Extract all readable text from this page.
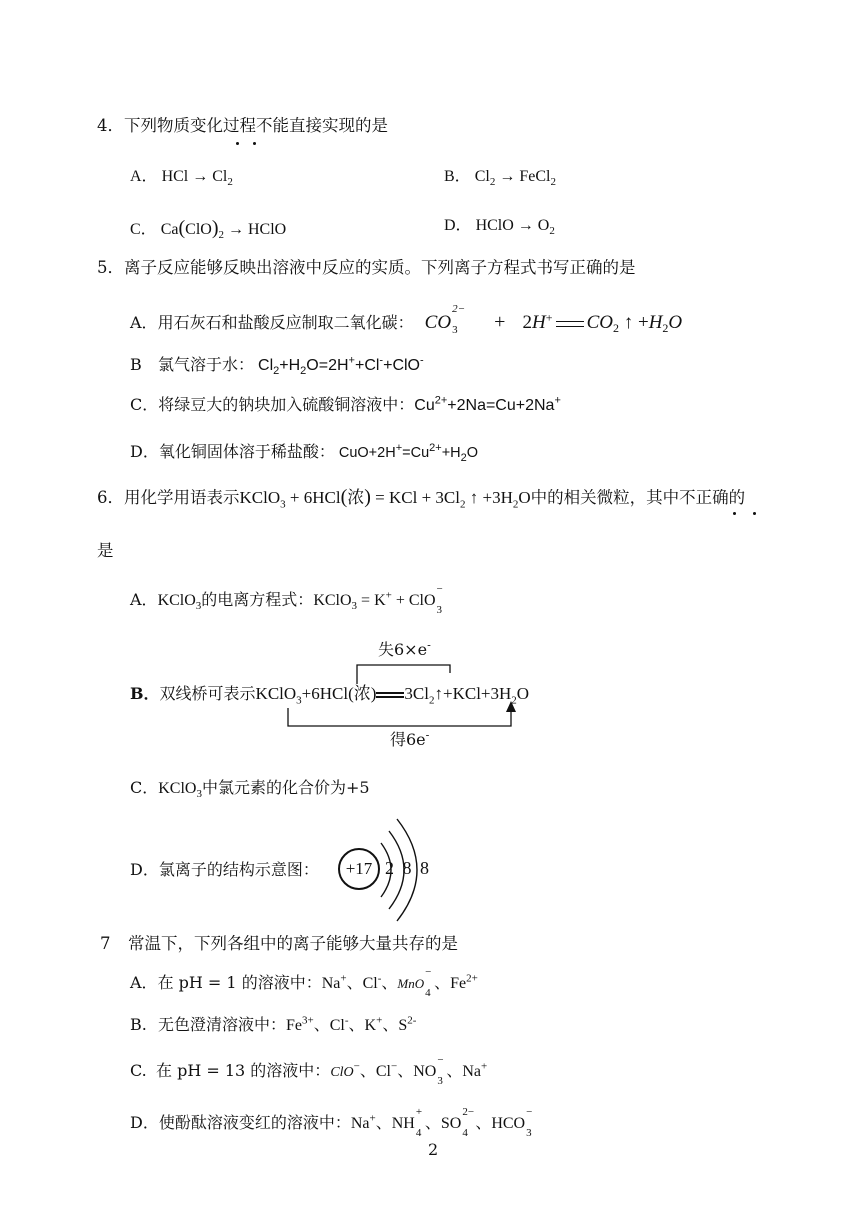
4．下列物质变化过程不能直接实现的是
A． HCl → $Cl_2$	B． $Cl_2$ → FeCl$_2$
C． $Ca(ClO)_2$ → HClO	D． HClO → $O_2$
5．离子反应能够反映出溶液中反应的实质。下列离子方程式书写正确的是
A．用石灰石和盐酸反应制取二氧化碳： CO
2−
3 + 2H+ $CO_2$ ↑ $+H_2O$
B 氯气溶于水： $Cl_2+H_2O=2H^++Cl^-+ClO^-$
C．将绿豆大的钠块加入硫酸铜溶液中：$Cu^{2+}+2Na=Cu+2Na^+$
D．氧化铜固体溶于稀盐酸： $CuO+2H^+=Cu^{2+}+H_2O$
6．用化学用语表示KClO$_3$ + 6HCl(浓) = KCl + $3Cl_2$ ↑ $+3H_2O$中的相关微粒，其中不正确的
是
A．KClO$_3$的电离方程式：KClO$_3$ = K+ + ClO
−
3
B．双线桥可表示KClO$_3$+6HCl(浓) $3Cl_2↑+KCl+3H_2O$
失6×e-
得6e-
C．KClO$_3$中氯元素的化合价为+5
D．氯离子的结构示意图：	+17 2 8 8
7 常温下，下列各组中的离子能够大量共存的是
A．在 pH = 1 的溶液中：Na+、Cl-、MnO
−
4
、$Fe^{2+}$
B. 无色澄清溶液中：$Fe^{3+}$、Cl-、K+、$S^{2-}$
C. 在 pH = 13 的溶液中：ClO−、Cl−、NO
−
3
、Na+
D．使酚酞溶液变红的溶液中：Na+、NH
+
4
、SO
2−
4
、HCO
−
3
2
